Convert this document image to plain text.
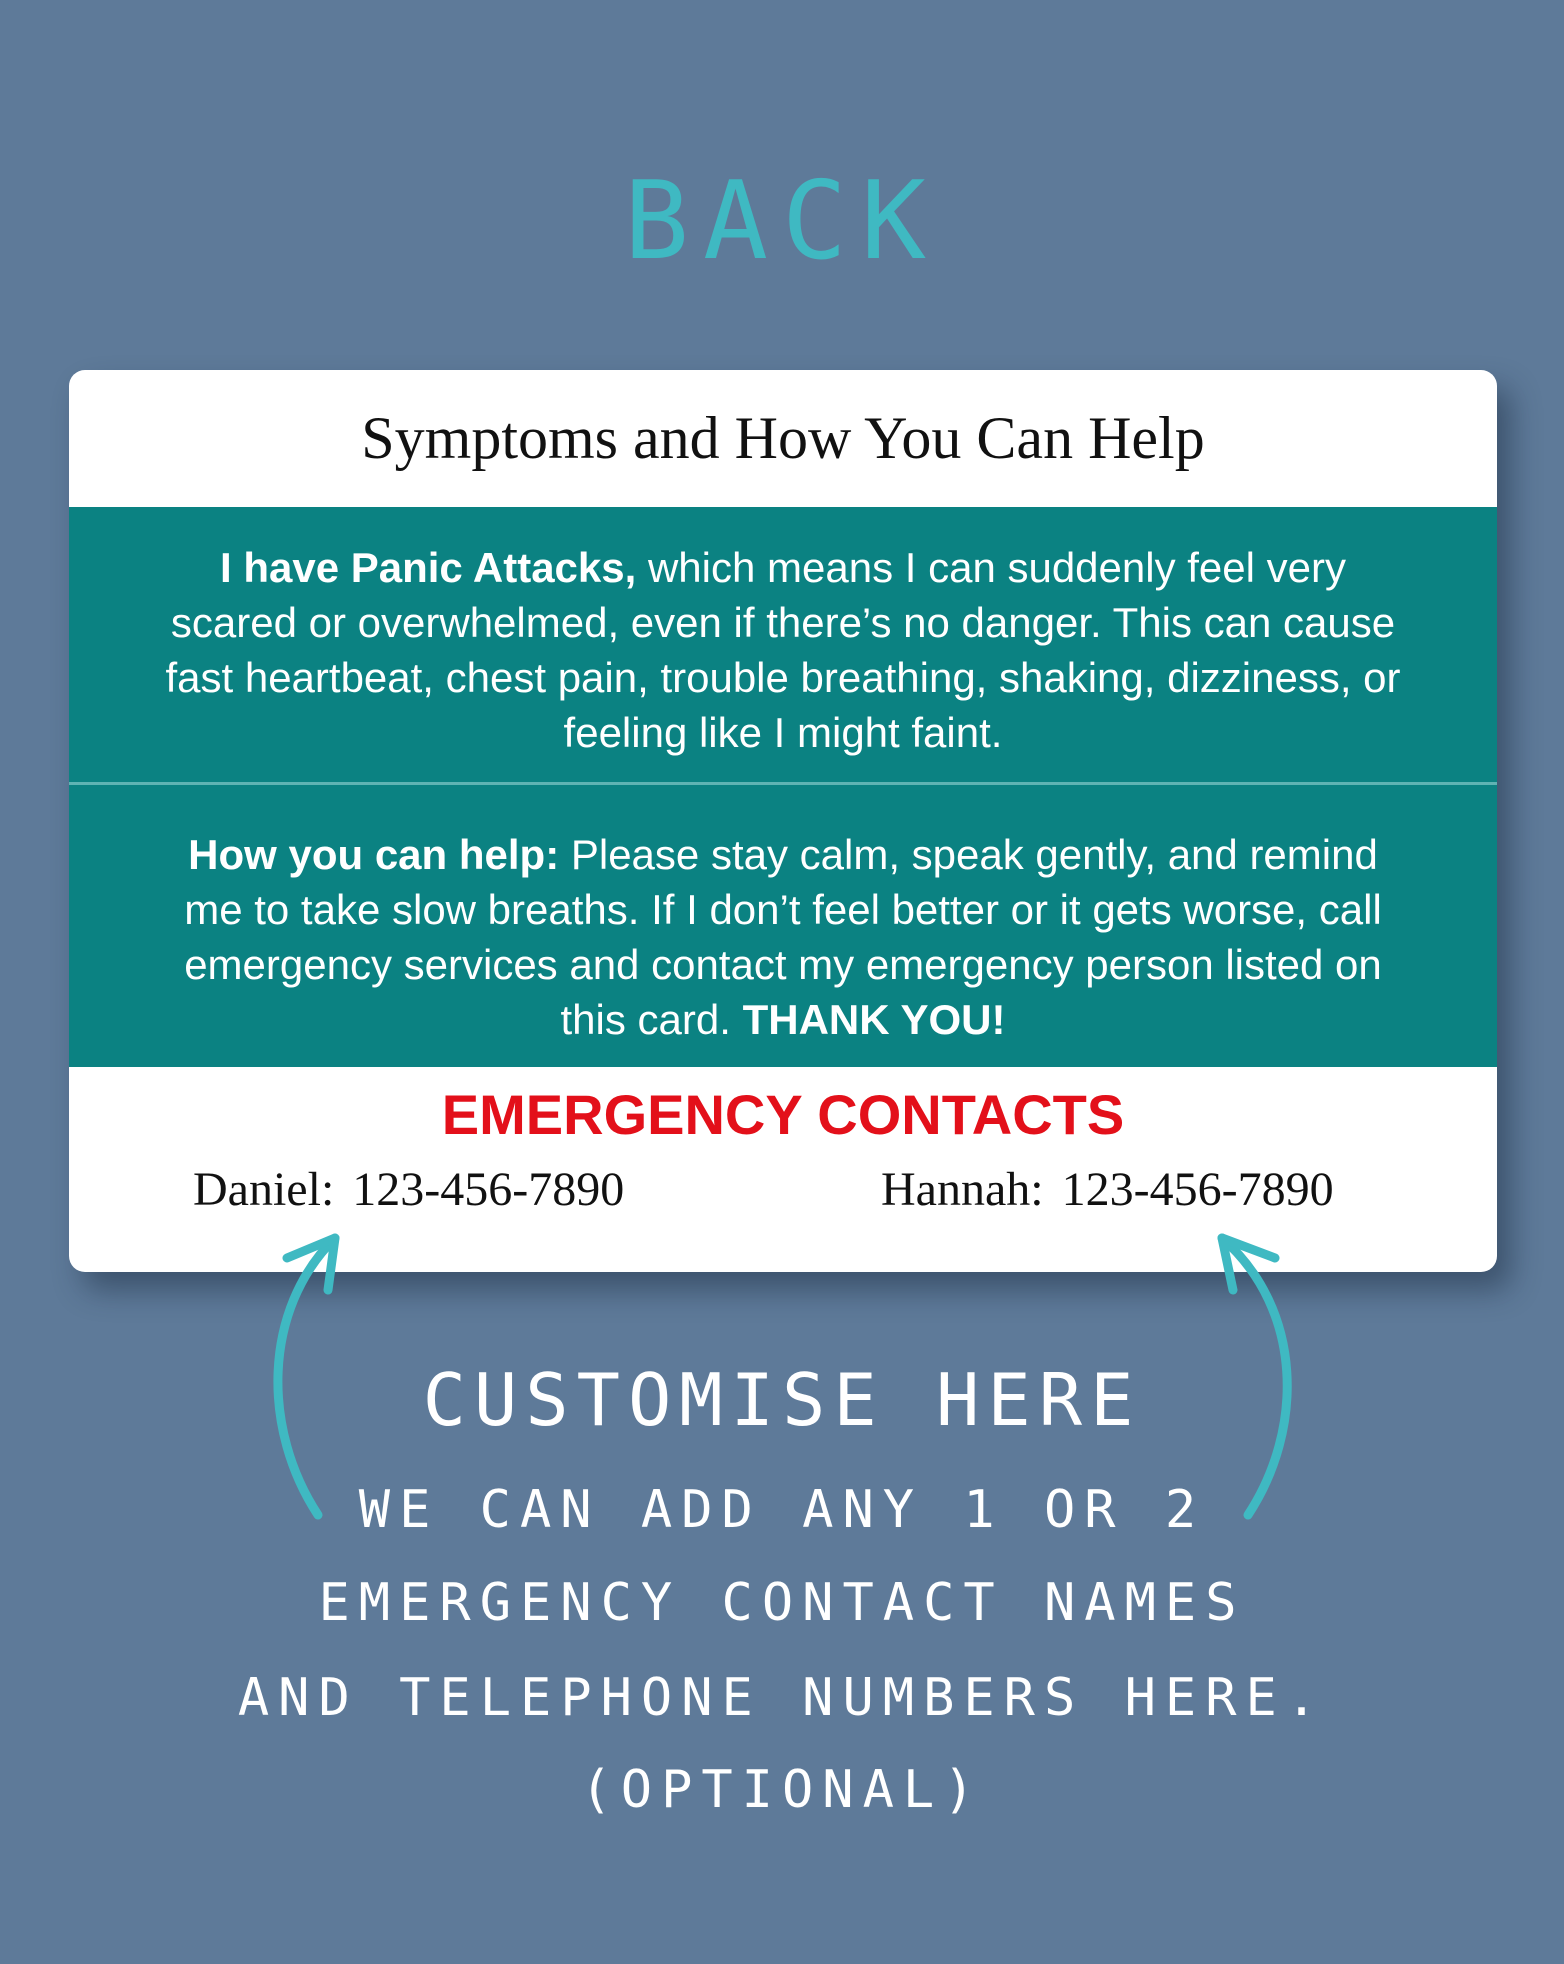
BACK
Symptoms and How You Can Help
I have Panic Attacks, which means I can suddenly feel very scared or overwhelmed, even if there’s no danger. This can cause fast heartbeat, chest pain, trouble breathing, shaking, dizziness, or feeling like I might faint.
How you can help: Please stay calm, speak gently, and remind me to take slow breaths. If I don’t feel better or it gets worse, call emergency services and contact my emergency person listed on this card. THANK YOU!
EMERGENCY CONTACTS
Daniel: 123-456-7890	Hannah: 123-456-7890
CUSTOMISE HERE
WE CAN ADD ANY 1 OR 2
EMERGENCY CONTACT NAMES
AND TELEPHONE NUMBERS HERE.
(OPTIONAL)
